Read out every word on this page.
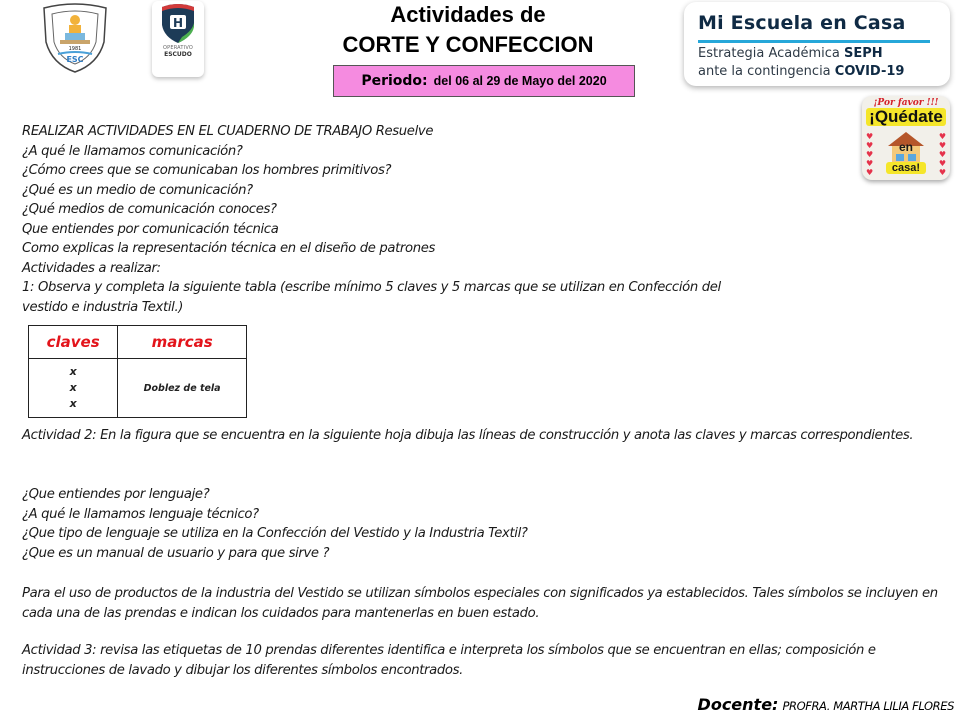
1981
ESC
H
OPERATIVO
ESCUDO
Actividades de
CORTE Y CONFECCION
Periodo: del 06 al 29 de Mayo del 2020
Mi Escuela en Casa
Estrategia Académica SEPH
ante la contingencia COVID-19
¡Por favor !!!
¡Quédate
♥
♥
♥
♥
♥
♥
♥
♥
♥
♥
en
casa!
REALIZAR ACTIVIDADES EN EL CUADERNO DE TRABAJO Resuelve
¿A qué le llamamos comunicación?
¿Cómo crees que se comunicaban los hombres primitivos?
¿Qué es un medio de comunicación?
¿Qué medios de comunicación conoces?
Que entiendes por comunicación técnica
Como explicas la representación técnica en el diseño de patrones
Actividades a realizar:
1: Observa y completa la siguiente tabla (escribe mínimo 5 claves y 5 marcas que se utilizan en Confección del
vestido e industria Textil.)
claves	marcas

x
x
x	Doblez de tela
Actividad 2: En la figura que se encuentra en la siguiente hoja dibuja las líneas de construcción y anota las claves y marcas correspondientes.
¿Que entiendes por lenguaje?
¿A qué le llamamos lenguaje técnico?
¿Que tipo de lenguaje se utiliza en la Confección del Vestido y la Industria Textil?
¿Que es un manual de usuario y para que sirve ?
Para el uso de productos de la industria del Vestido se utilizan símbolos especiales con significados ya establecidos. Tales símbolos se incluyen en cada una de las prendas e indican los cuidados para mantenerlas en buen estado.
Actividad 3: revisa las etiquetas de 10 prendas diferentes identifica e interpreta los símbolos que se encuentran en ellas; composición e instrucciones de lavado y dibujar los diferentes símbolos encontrados.
Docente: PROFRA. MARTHA LILIA FLORES
